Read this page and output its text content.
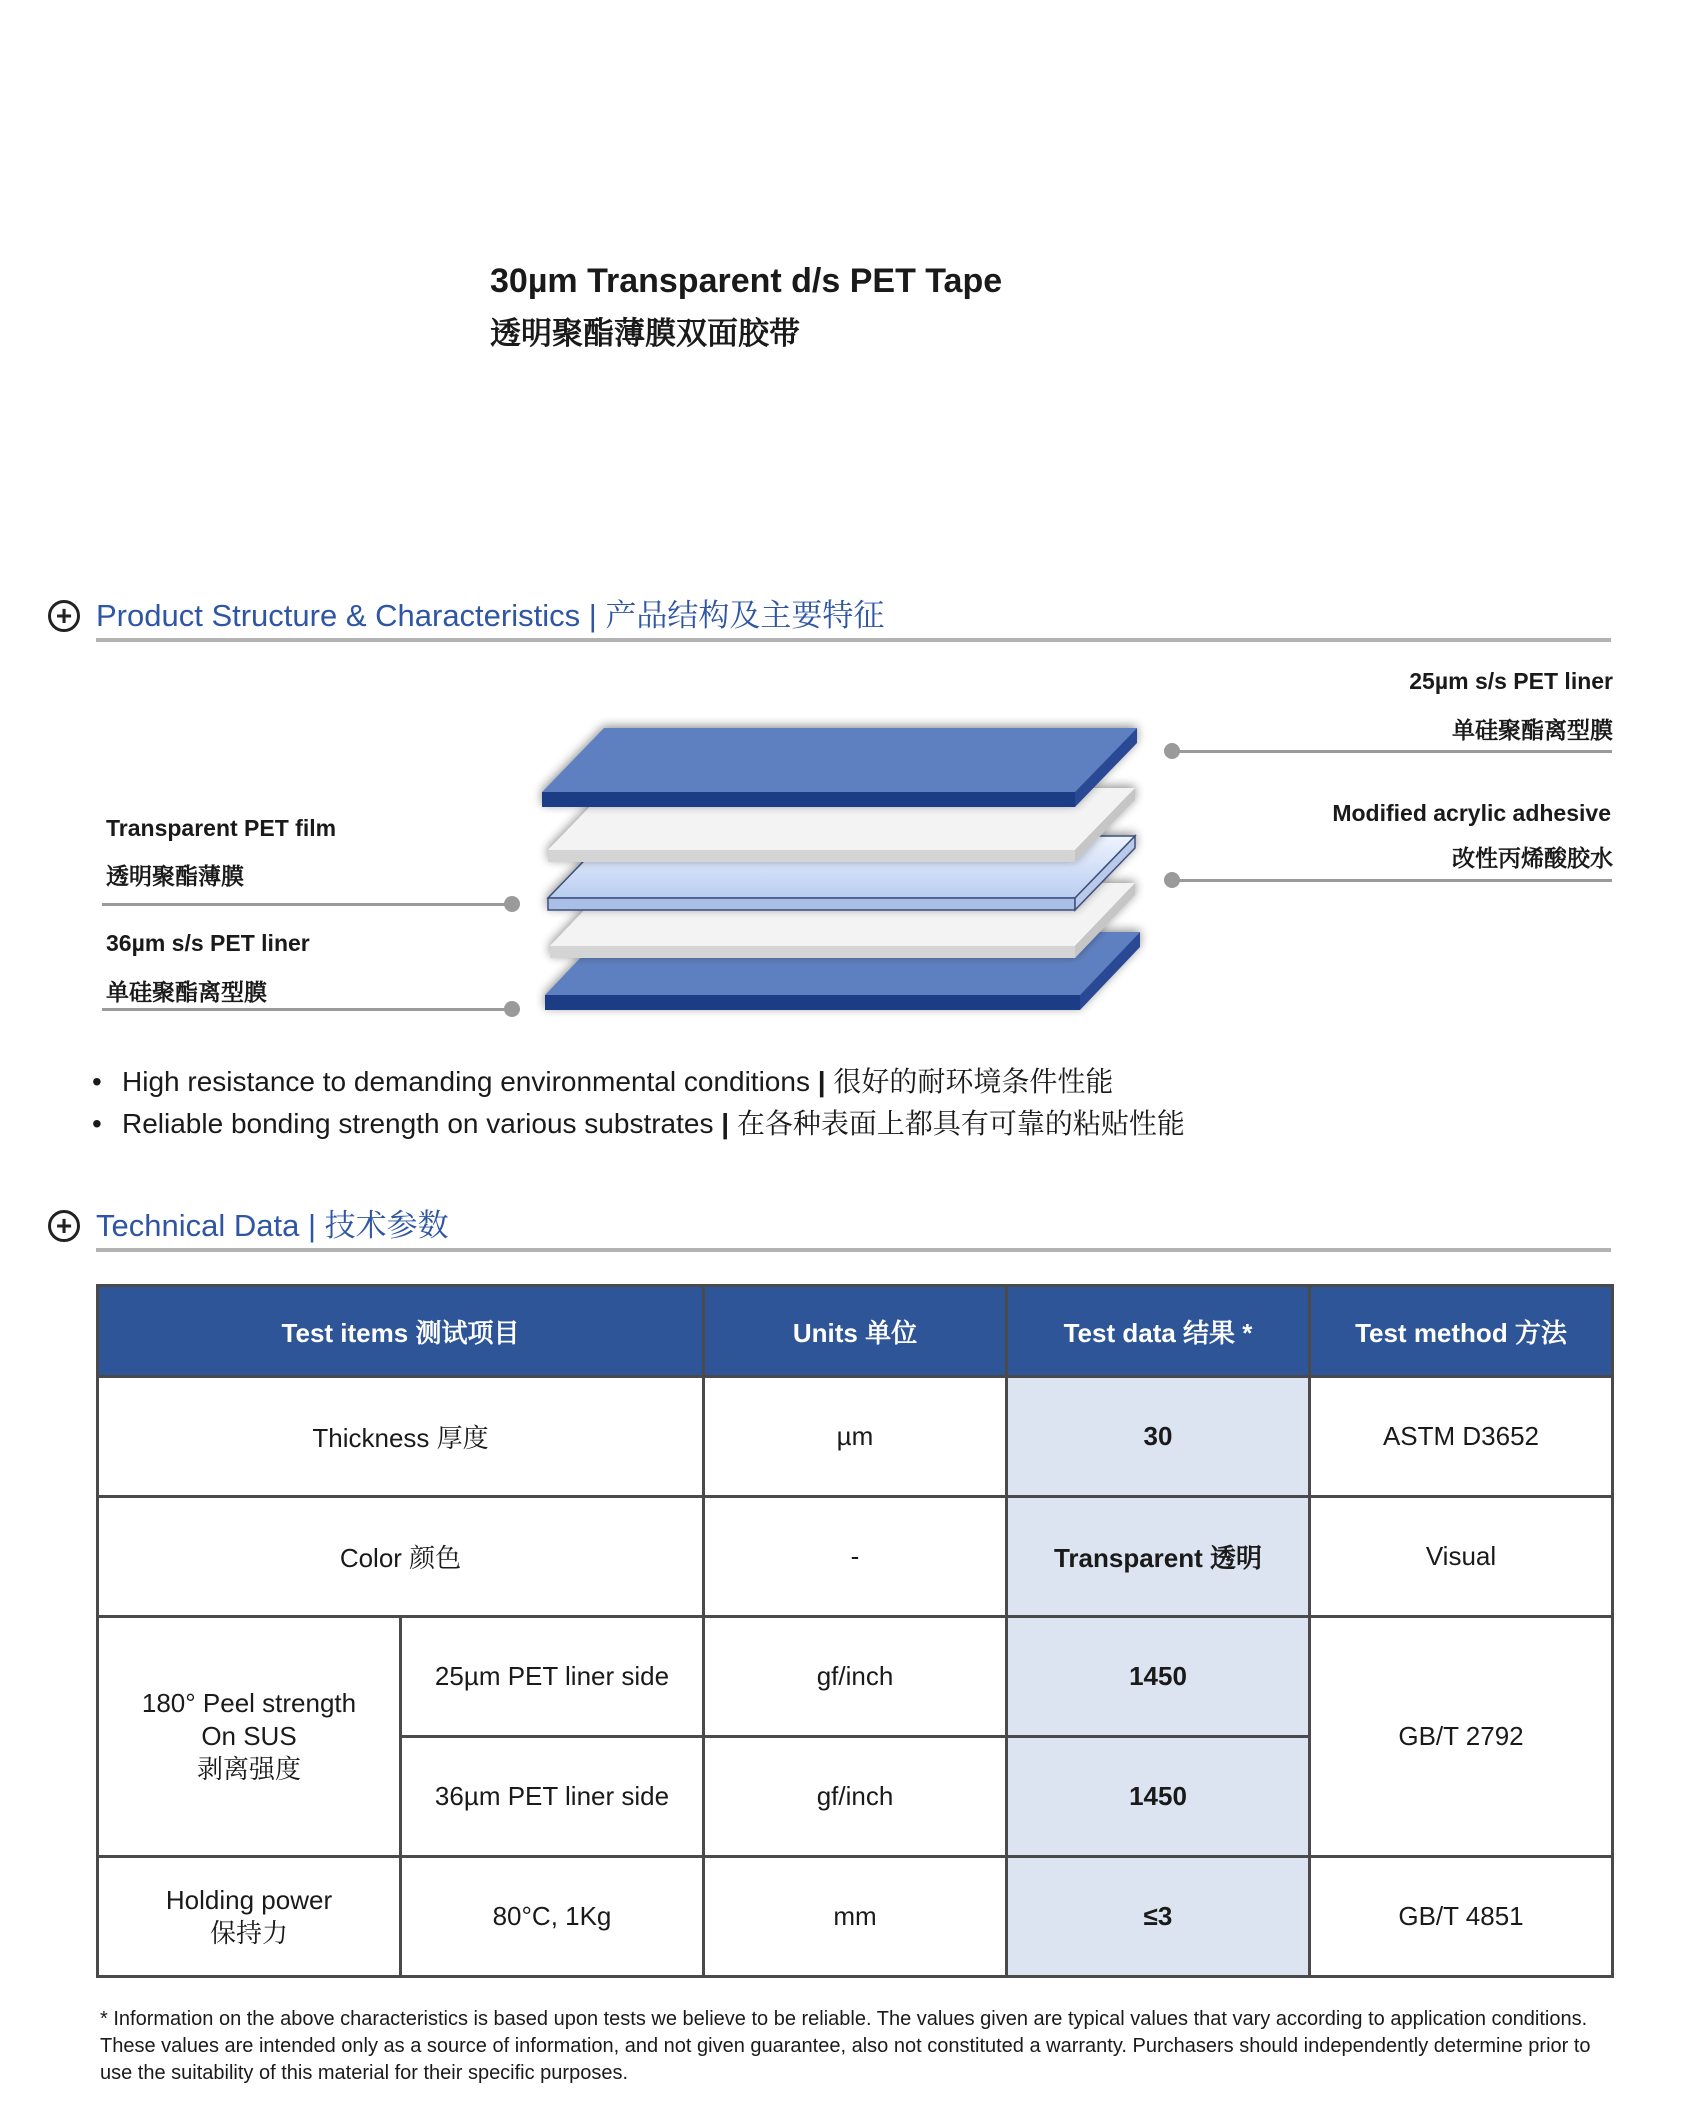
30µm Transparent d/s PET Tape
透明聚酯薄膜双面胶带
+ Product Structure & Characteristics | 产品结构及主要特征
25µm s/s PET liner
单硅聚酯离型膜
Modified acrylic adhesive
改性丙烯酸胶水
Transparent PET film
透明聚酯薄膜
36µm s/s PET liner
单硅聚酯离型膜
• High resistance to demanding environmental conditions | 很好的耐环境条件性能
• Reliable bonding strength on various substrates | 在各种表面上都具有可靠的粘贴性能
+ Technical Data | 技术参数
Test items 测试项目		Units 单位	Test data 结果 *	Test method 方法
Thickness 厚度		µm	30	ASTM D3652
Color 颜色		-	Transparent 透明	Visual

180° Peel strength
On SUS
剥离强度	25µm PET liner side	gf/inch	1450	GB/T 2792
	36µm PET liner side	gf/inch	1450	

Holding power
保持力	80°C, 1Kg	mm	≤3	GB/T 4851
* Information on the above characteristics is based upon tests we believe to be reliable. The values given are typical values that vary according to application conditions. These values are intended only as a source of information, and not given guarantee, also not constituted a warranty. Purchasers should independently determine prior to use the suitability of this material for their specific purposes.
